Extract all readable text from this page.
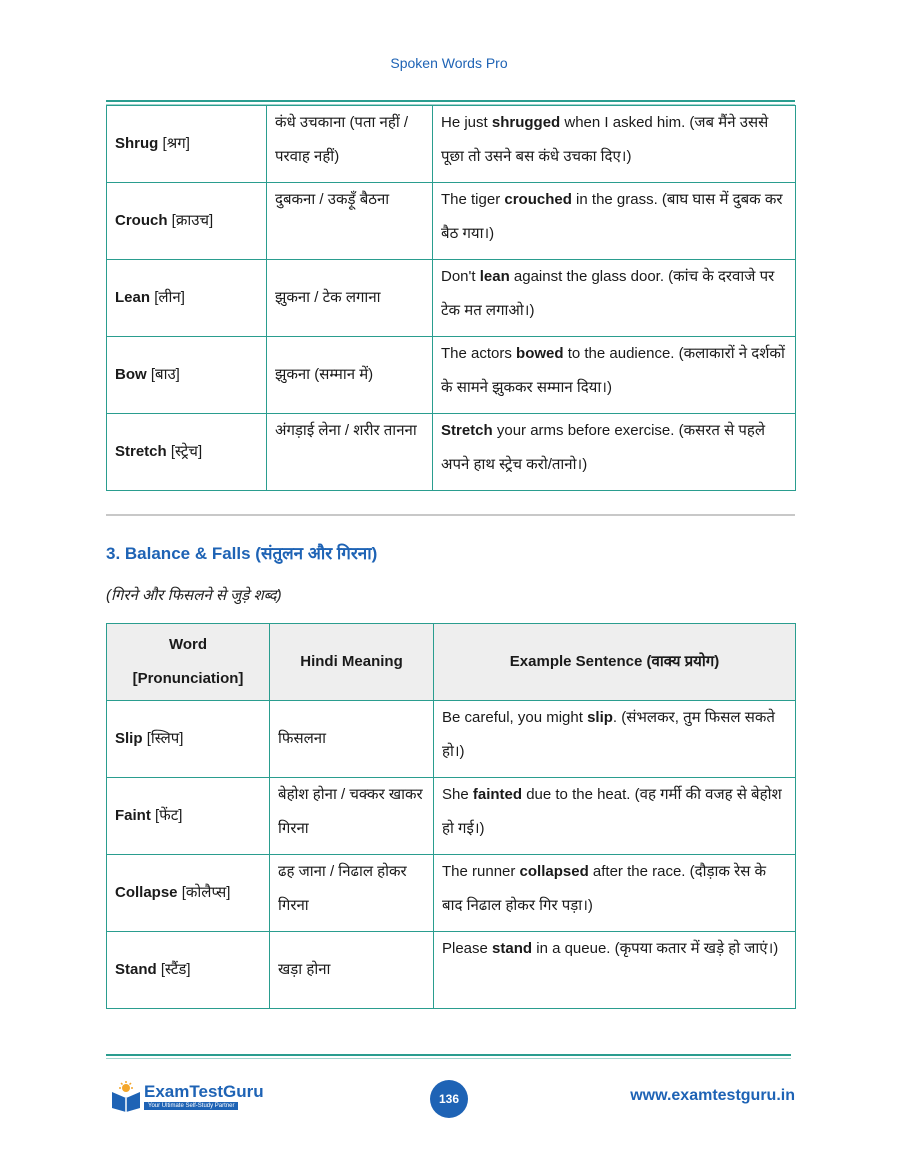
Spoken Words Pro
Shrug [श्रग]	कंधे उचकाना (पता नहीं / परवाह नहीं)	He just shrugged when I asked him. (जब मैंने उससे पूछा तो उसने बस कंधे उचका दिए।)
Crouch [क्राउच]	दुबकना / उकड़ूँ बैठना	The tiger crouched in the grass. (बाघ घास में दुबक कर बैठ गया।)
Lean [लीन]	झुकना / टेक लगाना	Don't lean against the glass door. (कांच के दरवाजे पर टेक मत लगाओ।)
Bow [बाउ]	झुकना (सम्मान में)	The actors bowed to the audience. (कलाकारों ने दर्शकों के सामने झुककर सम्मान दिया।)
Stretch [स्ट्रेच]	अंगड़ाई लेना / शरीर तानना	Stretch your arms before exercise. (कसरत से पहले अपने हाथ स्ट्रेच करो/तानो।)
3. Balance & Falls (संतुलन और गिरना)
(गिरने और फिसलने से जुड़े शब्द)
Word
[Pronunciation]	Hindi Meaning	Example Sentence (वाक्य प्रयोग)
Slip [स्लिप]	फिसलना	Be careful, you might slip. (संभलकर, तुम फिसल सकते हो।)
Faint [फेंट]	बेहोश होना / चक्कर खाकर गिरना	She fainted due to the heat. (वह गर्मी की वजह से बेहोश हो गई।)
Collapse [कोलैप्स]	ढह जाना / निढाल होकर गिरना	The runner collapsed after the race. (दौड़ाक रेस के बाद निढाल होकर गिर पड़ा।)
Stand [स्टैंड]	खड़ा होना	Please stand in a queue. (कृपया कतार में खड़े हो जाएं।)
ExamTestGuru
Your Ultimate Self-Study Partner	136	www.examtestguru.in
